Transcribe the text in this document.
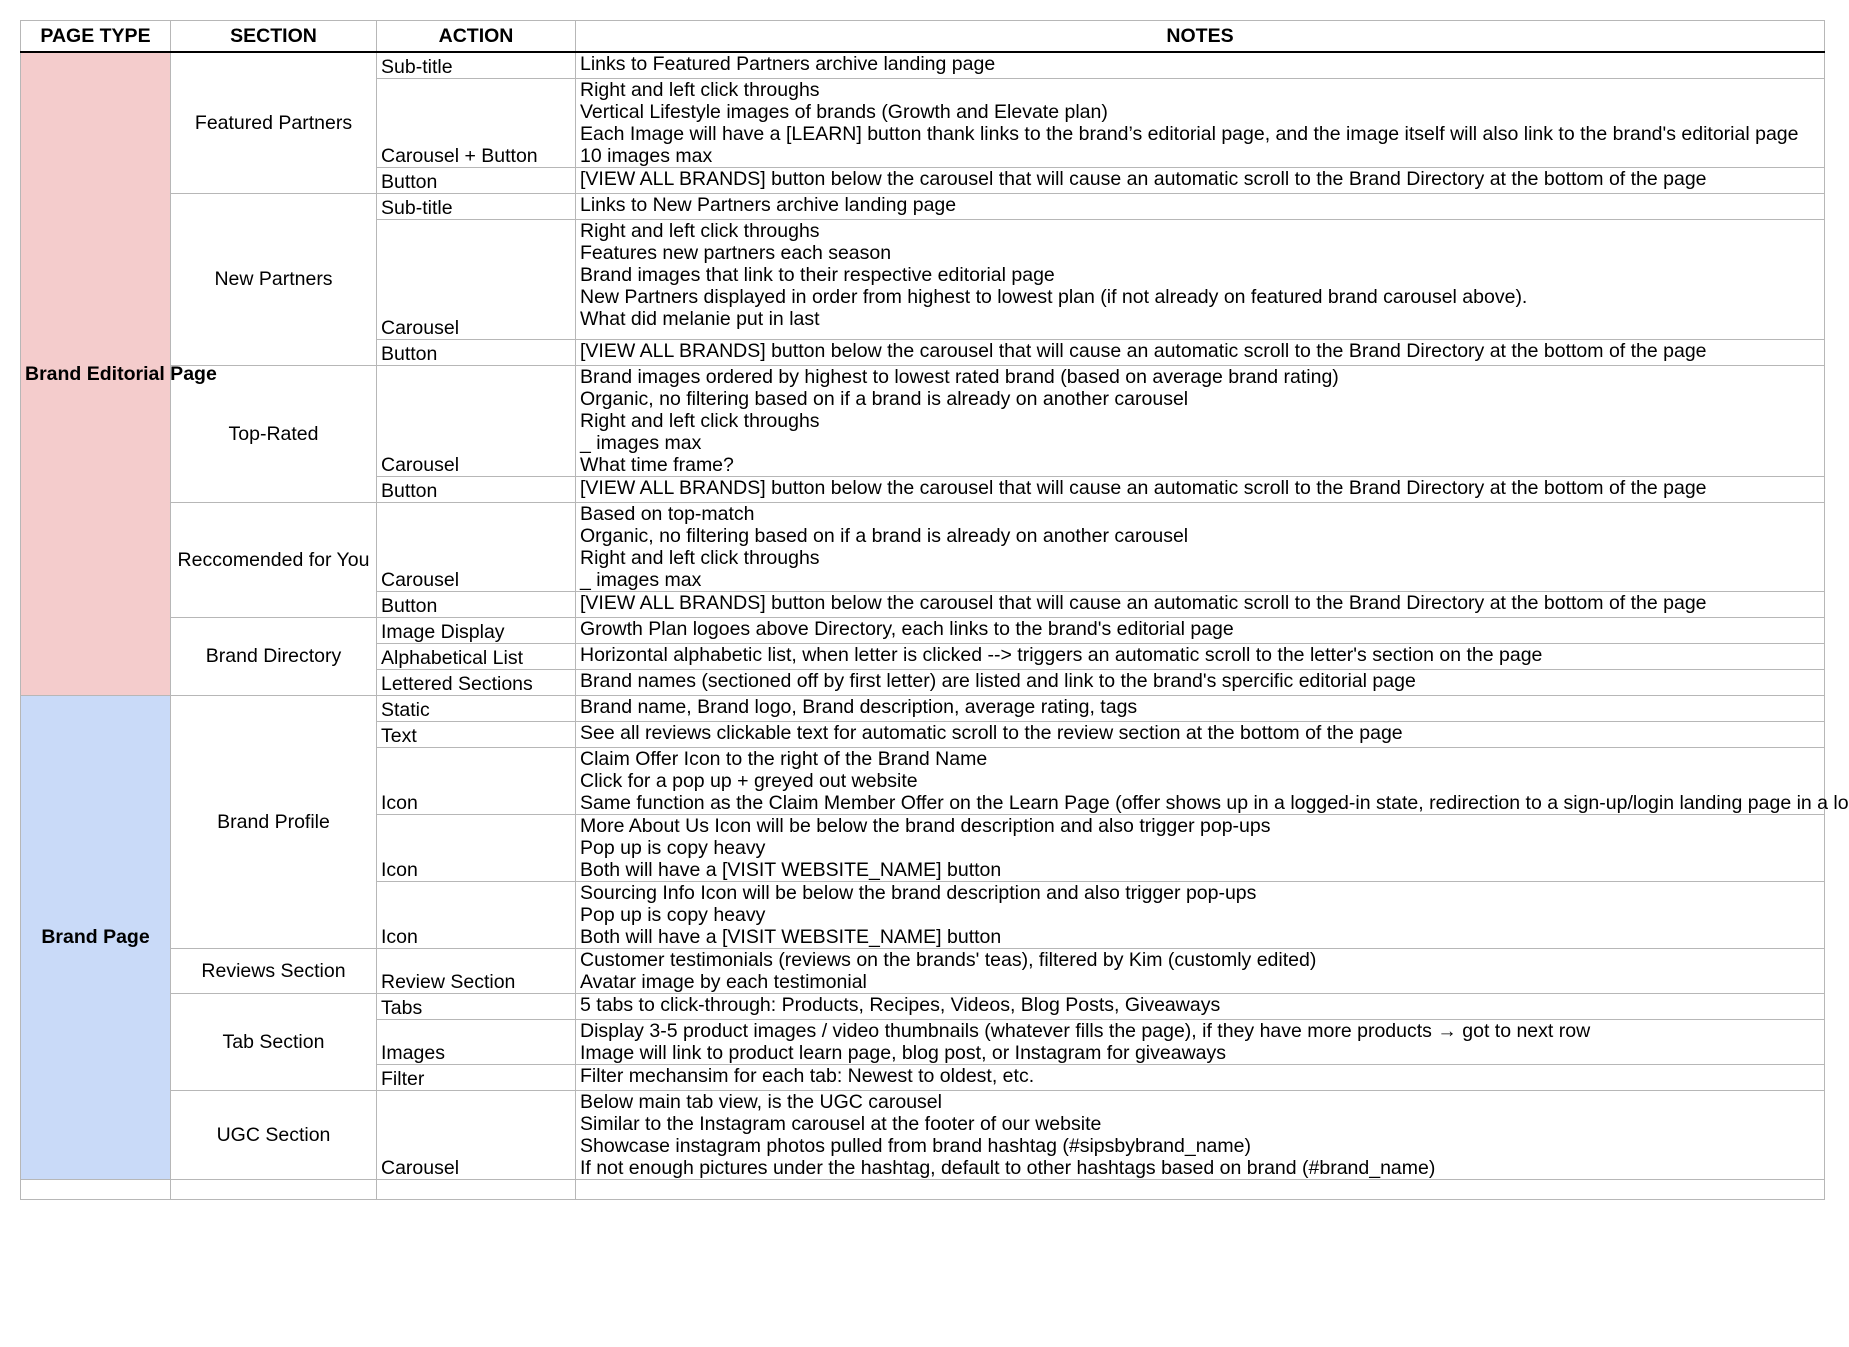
PAGE TYPE	SECTION	ACTION	NOTES
Brand Editorial Page	Featured Partners	Sub-title	Links to Featured Partners archive landing page

		Carousel + Button	Right and left click throughs
Vertical Lifestyle images of brands (Growth and Elevate plan)
Each Image will have a [LEARN] button thank links to the brand’s editorial page, and the image itself will also link to the brand's editorial page
10 images max

		Button	[VIEW ALL BRANDS] button below the carousel that will cause an automatic scroll to the Brand Directory at the bottom of the page

	New Partners	Sub-title	Links to New Partners archive landing page

		Carousel	Right and left click throughs
Features new partners each season
Brand images that link to their respective editorial page
New Partners displayed in order from highest to lowest plan (if not already on featured brand carousel above).
What did melanie put in last

		Button	[VIEW ALL BRANDS] button below the carousel that will cause an automatic scroll to the Brand Directory at the bottom of the page

	Top-Rated	Carousel	Brand images ordered by highest to lowest rated brand (based on average brand rating)
Organic, no filtering based on if a brand is already on another carousel
Right and left click throughs
_ images max
What time frame?

		Button	[VIEW ALL BRANDS] button below the carousel that will cause an automatic scroll to the Brand Directory at the bottom of the page

	Reccomended for You	Carousel	Based on top-match
Organic, no filtering based on if a brand is already on another carousel
Right and left click throughs
_ images max

		Button	[VIEW ALL BRANDS] button below the carousel that will cause an automatic scroll to the Brand Directory at the bottom of the page

	Brand Directory	Image Display	Growth Plan logoes above Directory, each links to the brand's editorial page

		Alphabetical List	Horizontal alphabetic list, when letter is clicked --> triggers an automatic scroll to the letter's section on the page

		Lettered Sections	Brand names (sectioned off by first letter) are listed and link to the brand's spercific editorial page

Brand Page	Brand Profile	Static	Brand name, Brand logo, Brand description, average rating, tags

		Text	See all reviews clickable text for automatic scroll to the review section at the bottom of the page

		Icon	Claim Offer Icon to the right of the Brand Name
Click for a pop up + greyed out website
Same function as the Claim Member Offer on the Learn Page (offer shows up in a logged-in state, redirection to a sign-up/login landing page in a lo

		Icon	More About Us Icon will be below the brand description and also trigger pop-ups
Pop up is copy heavy
Both will have a [VISIT WEBSITE_NAME] button

		Icon	Sourcing Info Icon will be below the brand description and also trigger pop-ups
Pop up is copy heavy
Both will have a [VISIT WEBSITE_NAME] button

	Reviews Section	Review Section	Customer testimonials (reviews on the brands' teas), filtered by Kim (customly edited)
Avatar image by each testimonial

	Tab Section	Tabs	5 tabs to click-through: Products, Recipes, Videos, Blog Posts, Giveaways

		Images	Display 3-5 product images / video thumbnails (whatever fills the page), if they have more products → got to next row
Image will link to product learn page, blog post, or Instagram for giveaways

		Filter	Filter mechansim for each tab: Newest to oldest, etc.

	UGC Section	Carousel	Below main tab view, is the UGC carousel
Similar to the Instagram carousel at the footer of our website
Showcase instagram photos pulled from brand hashtag (#sipsbybrand_name)
If not enough pictures under the hashtag, default to other hashtags based on brand (#brand_name)
